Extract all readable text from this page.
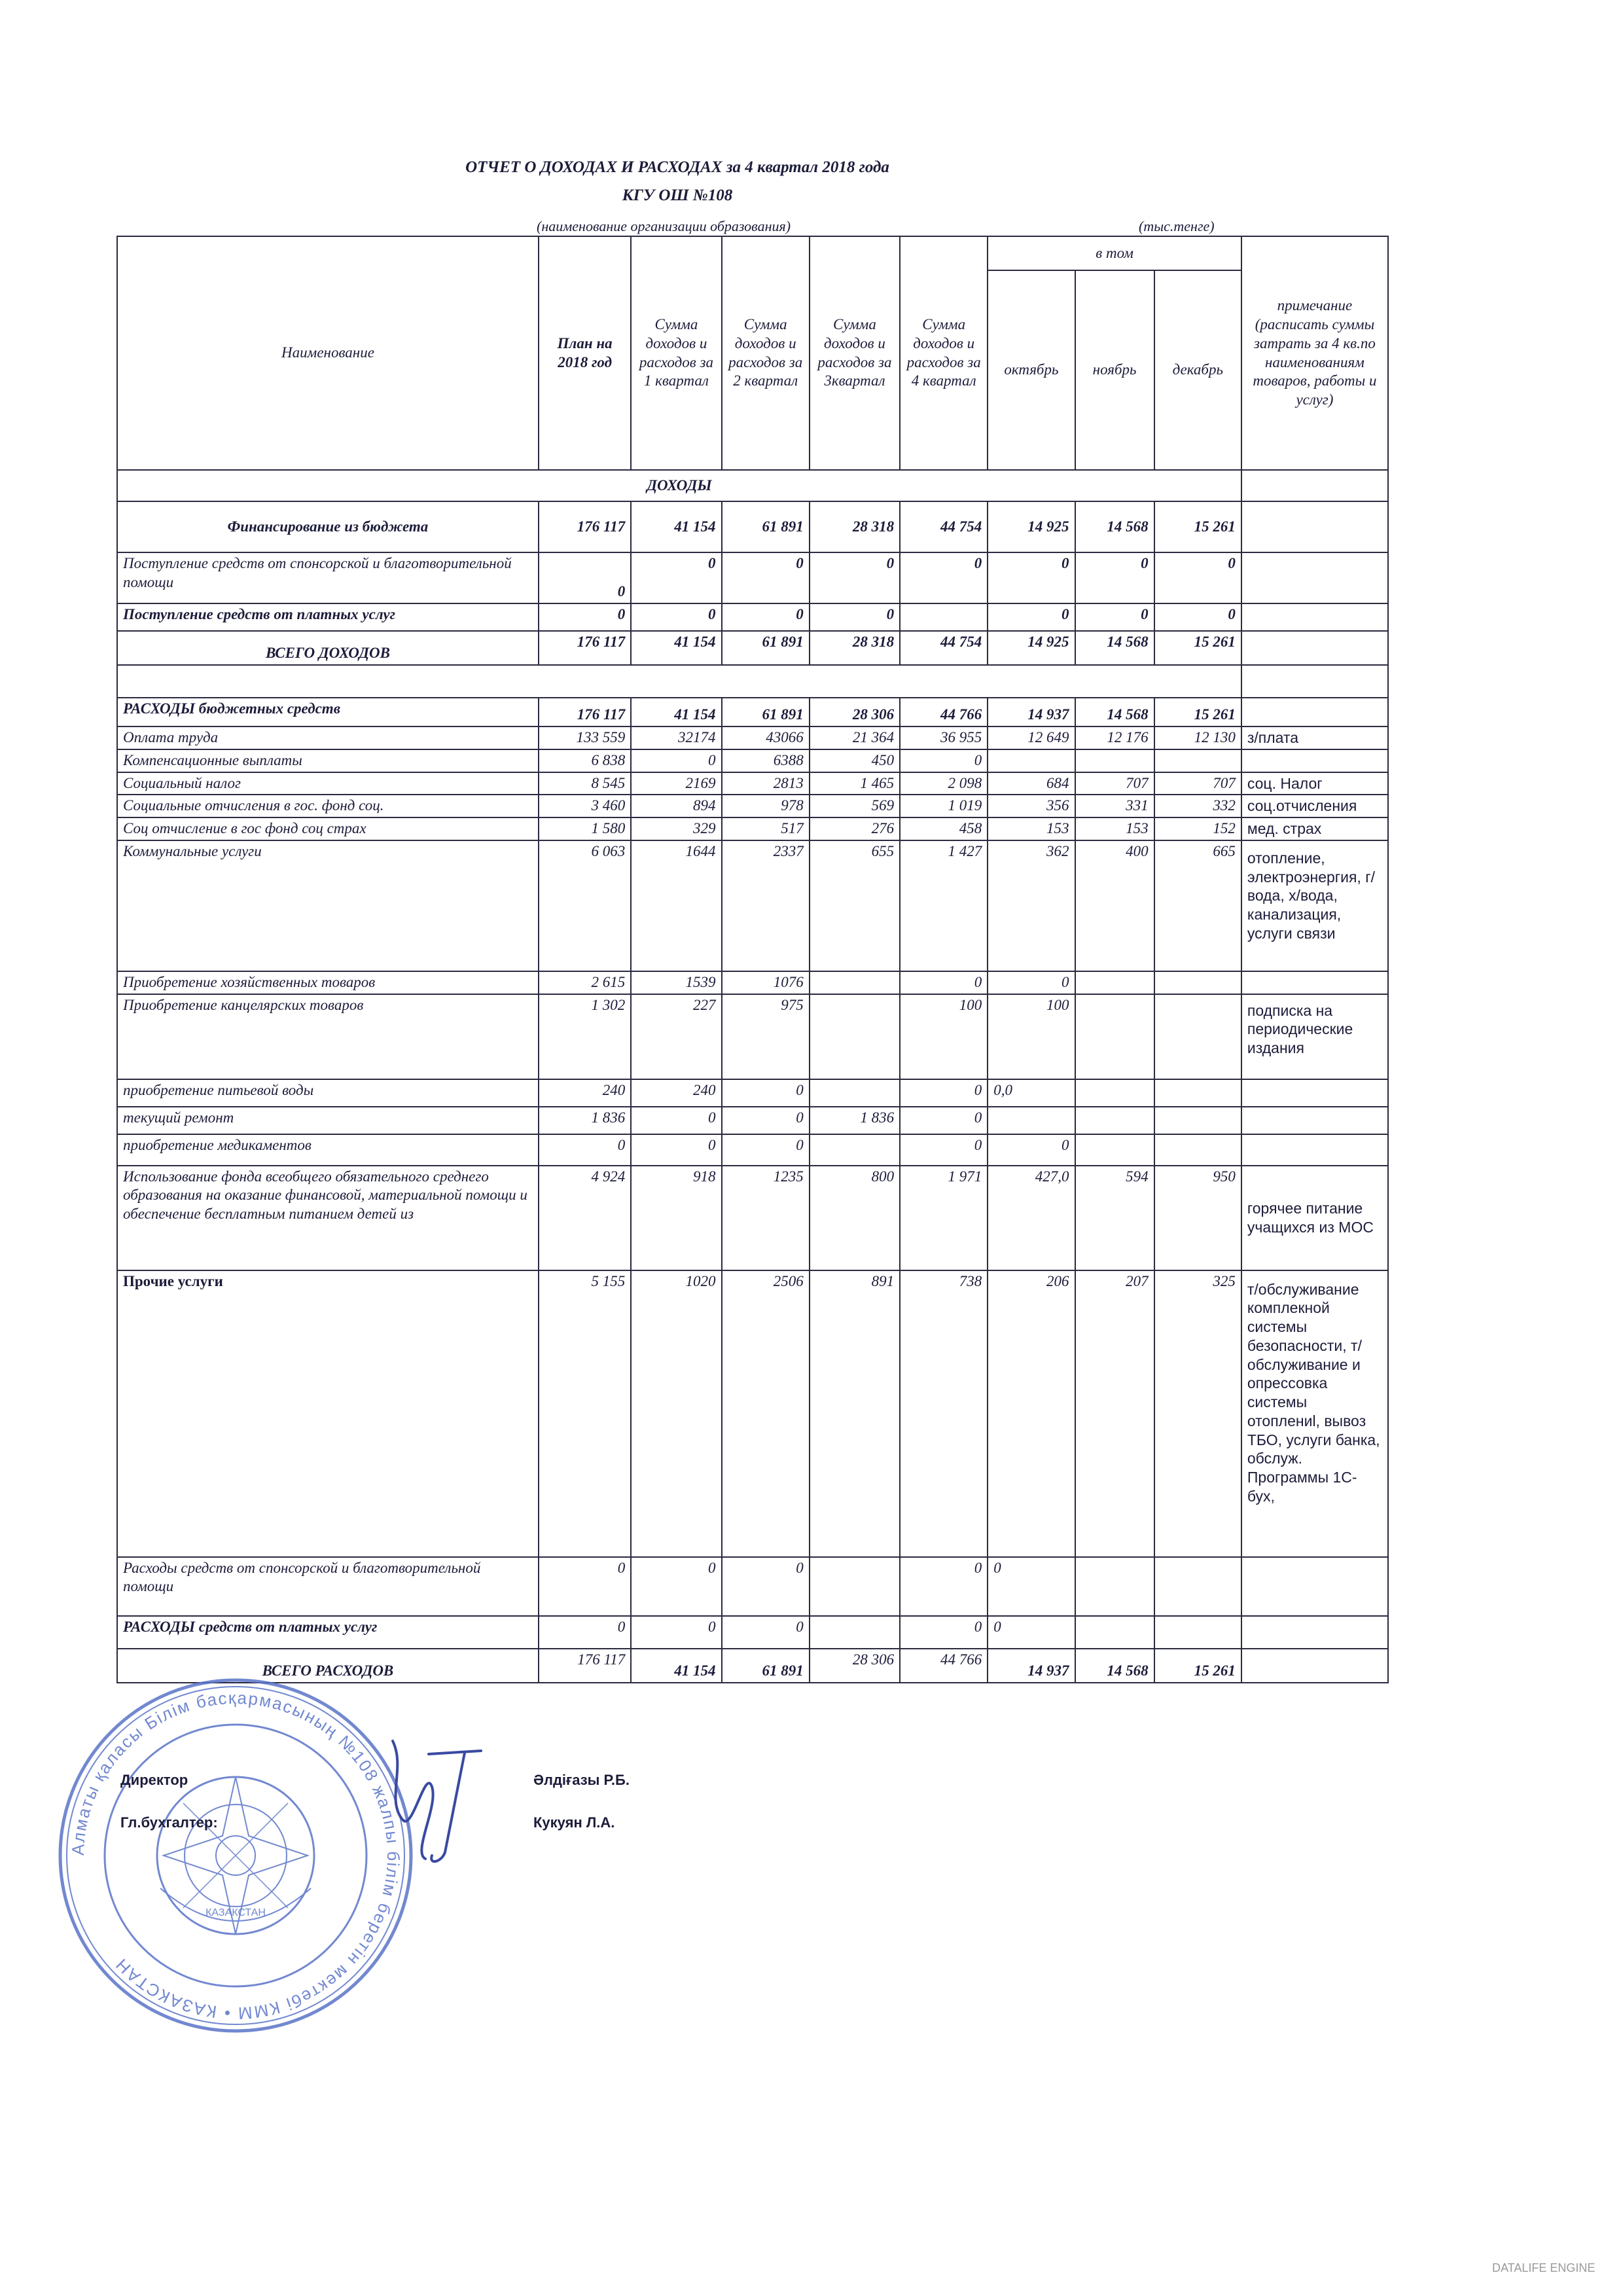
ОТЧЕТ О ДОХОДАХ И РАСХОДАХ за 4 квартал 2018 года
КГУ ОШ №108
(наименование организации образования)	(тыс.тенге)
Наименование	План на 2018 год	Сумма доходов и расходов за 1 квартал	Сумма доходов и расходов за 2 квартал	Сумма доходов и расходов за 3квартал	Сумма доходов и расходов за 4 квартал	в том			примечание (расписать суммы затрать за 4 кв.по наименованиям товаров, работы и услуг)
						октябрь	ноябрь	декабрь	
ДОХОДЫ									
Финансирование из бюджета	176 117	41 154	61 891	28 318	44 754	14 925	14 568	15 261	
Поступление средств от спонсорской и благотворительной помощи	0	0	0	0	0	0	0	0	
Поступление средств от платных услуг	0	0	0	0		0	0	0	
ВСЕГО ДОХОДОВ	176 117	41 154	61 891	28 318	44 754	14 925	14 568	15 261	

РАСХОДЫ бюджетных средств	176 117	41 154	61 891	28 306	44 766	14 937	14 568	15 261	
Оплата труда	133 559	32174	43066	21 364	36 955	12 649	12 176	12 130	з/плата
Компенсационные выплаты	6 838	0	6388	450	0				
Социальный налог	8 545	2169	2813	1 465	2 098	684	707	707	соц. Налог
Социальные отчисления в гос. фонд соц.	3 460	894	978	569	1 019	356	331	332	соц.отчисления
Соц отчисление в гос фонд соц страх	1 580	329	517	276	458	153	153	152	мед. страх
Коммунальные услуги	6 063	1644	2337	655	1 427	362	400	665	отопление, электроэнергия, г/вода, х/вода, канализация, услуги связи
Приобретение хозяйственных товаров	2 615	1539	1076		0	0			
Приобретение канцелярских товаров	1 302	227	975		100	100			подписка на периодические издания
приобретение питьевой воды	240	240	0		0	0,0			
текущий ремонт	1 836	0	0	1 836	0				
приобретение медикаментов	0	0	0		0	0			

Использование фонда всеобщего обязательного среднего образования на оказание финансовой, материальной помощи и обеспечение бесплатным питанием детей из	4 924	918	1235	800	1 971	427,0	594	950	горячее питание учащихся из МОС
Прочие услуги	5 155	1020	2506	891	738	206	207	325	т/обслуживание комплекной системы безопасности, т/обслуживание и опрессовка системы отоплениl, вывоз ТБО, услуги банка, обслуж. Программы 1С-бух,
Расходы средств от спонсорской и благотворительной помощи	0	0	0		0	0			
РАСХОДЫ средств от платных услуг	0	0	0		0	0			
ВСЕГО РАСХОДОВ	176 117	41 154	61 891	28 306	44 766	14 937	14 568	15 261	
Алматы қаласы Білім басқармасының №108 жалпы білім беретін мектебі КММ • КАЗАКСТАН
КАЗАКСТАН
Директор	Әлдіғазы Р.Б.
Гл.бухгалтер:	Кукуян Л.А.
DATALIFE ENGINE
